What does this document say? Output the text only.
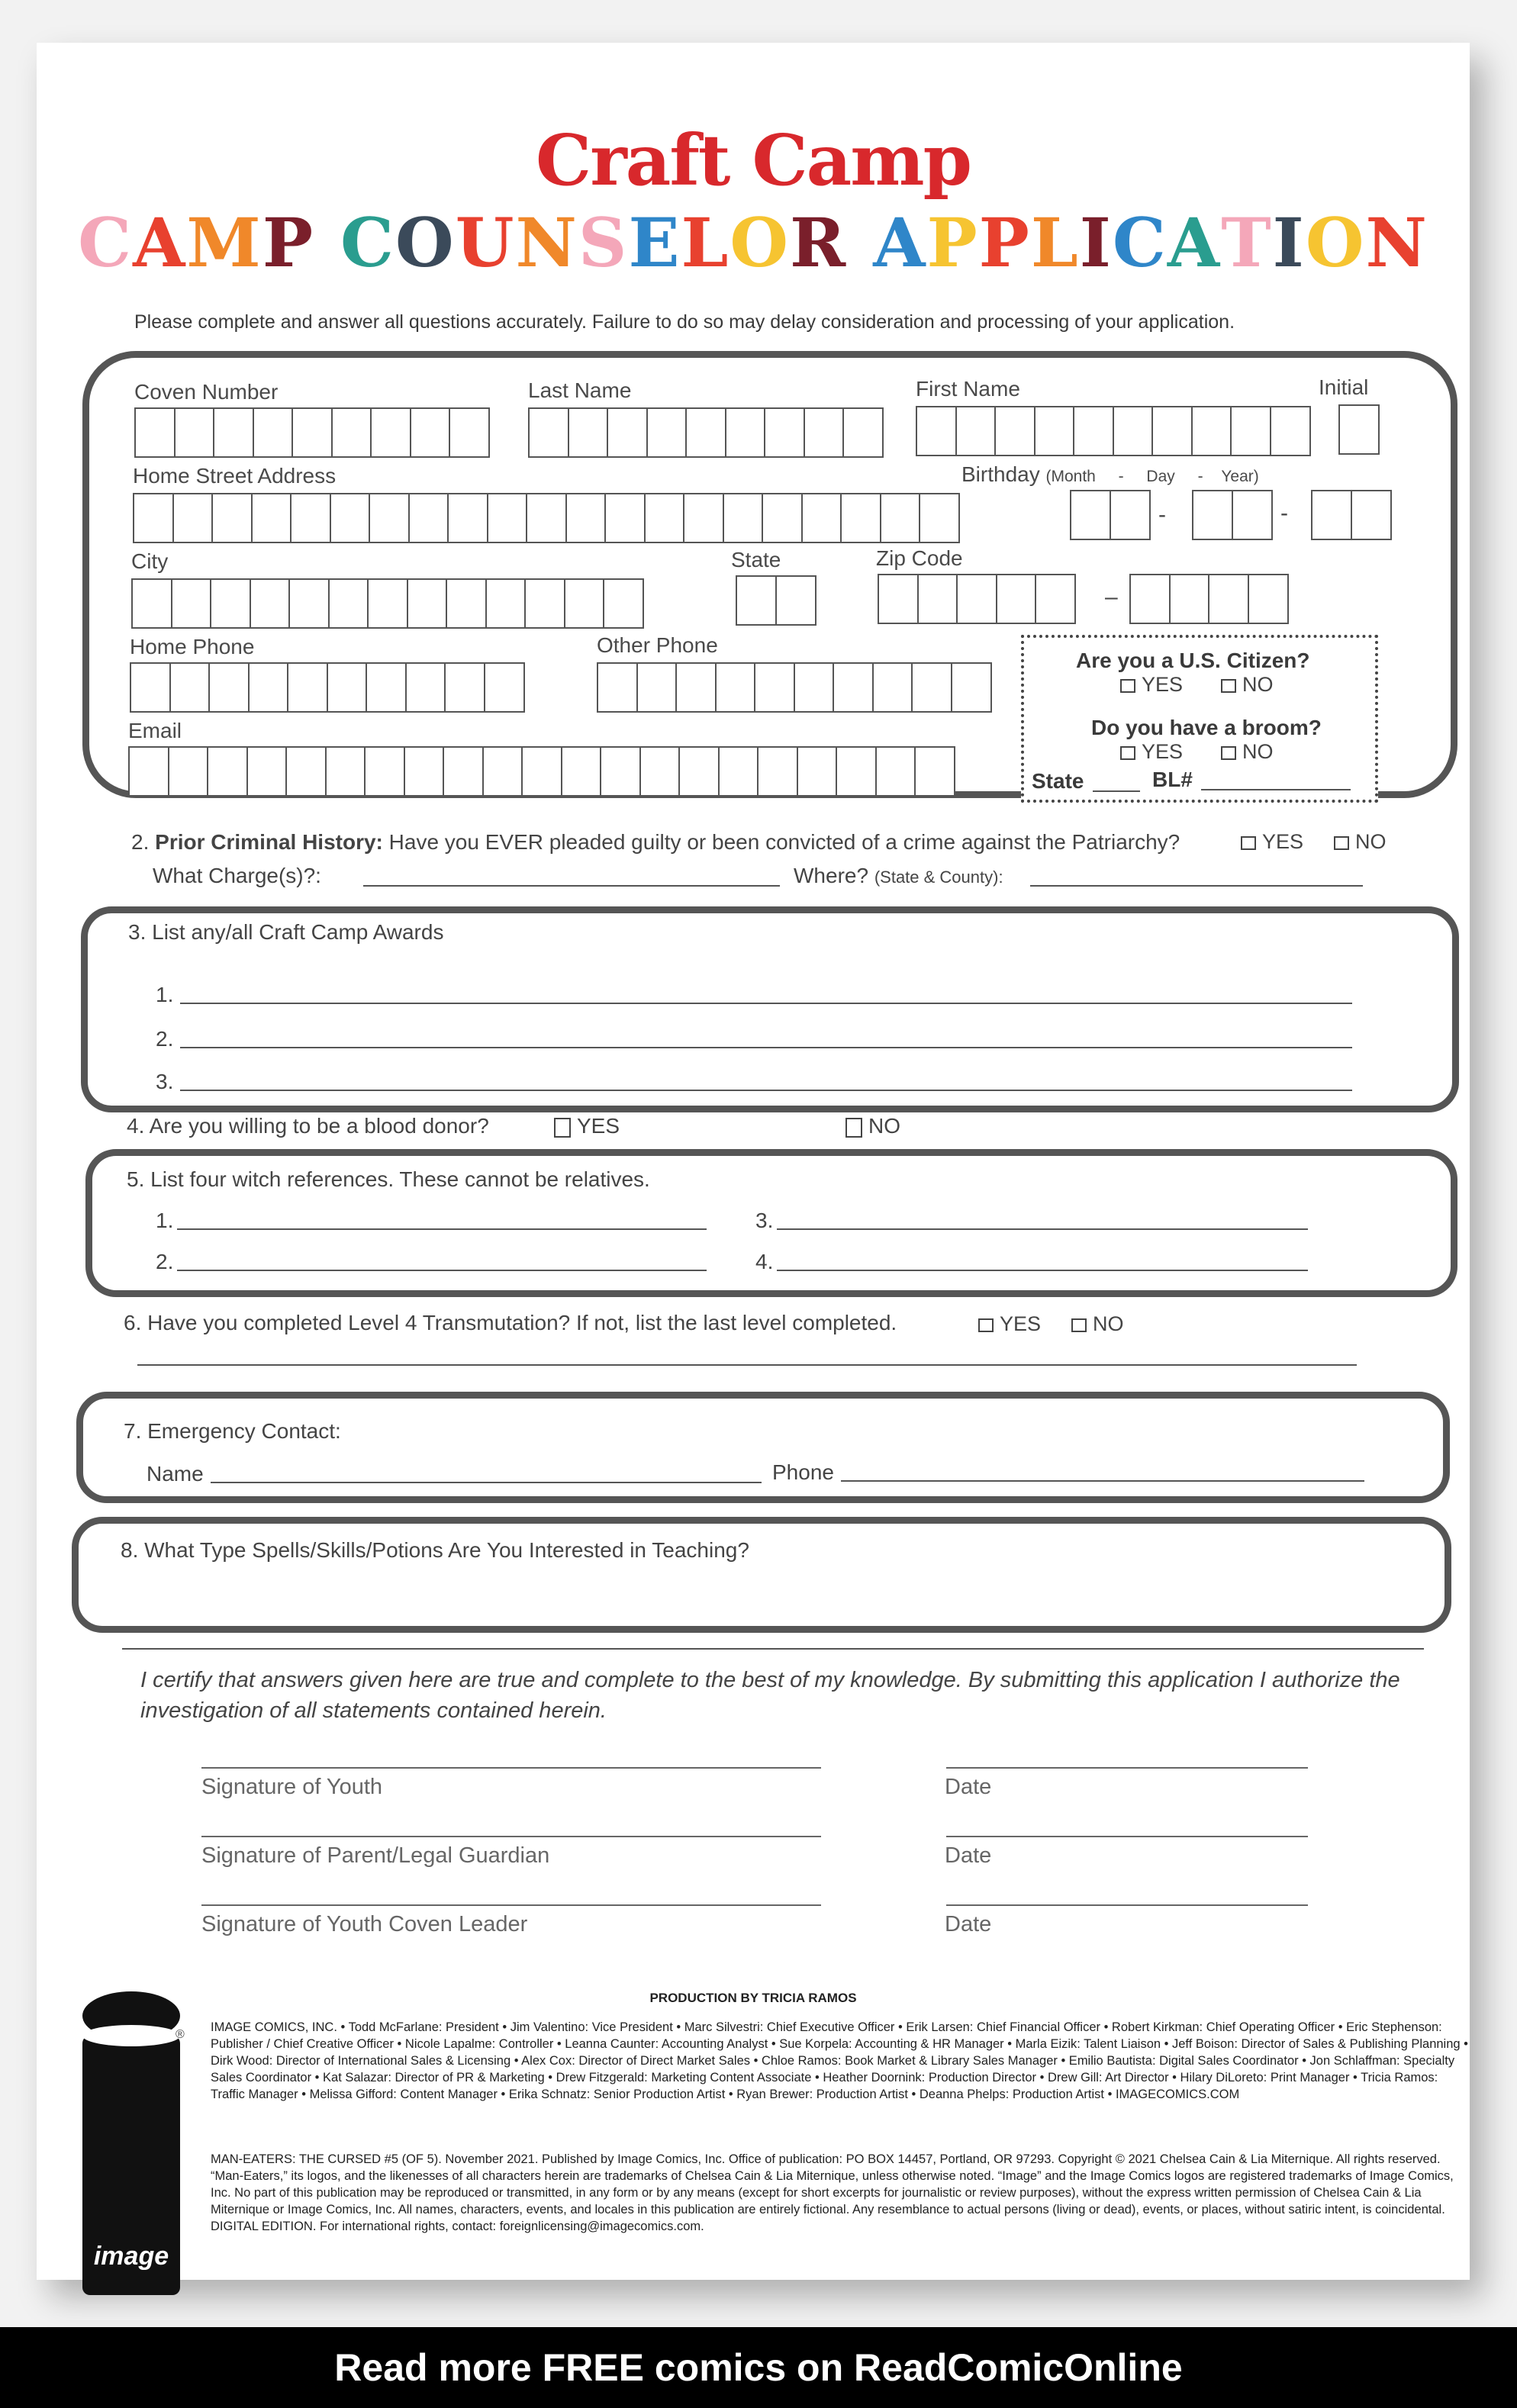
Craft Camp
CAMP COUNSELOR APPLICATION
Please complete and answer all questions accurately. Failure to do so may delay consideration and processing of your application.
Coven Number	Last Name	First Name	Initial
Home Street Address	Birthday (Month - Day - Year)
-	-
City	State	Zip Code
–
Home Phone	Other Phone
Email
Are you a U.S. Citizen?
YES	NO
Do you have a broom?
YES	NO
State	BL#
2. Prior Criminal History: Have you EVER pleaded guilty or been convicted of a crime against the Patriarchy?	YES	NO
What Charge(s)?:	Where? (State & County):
3. List any/all Craft Camp Awards
1.
2.
3.
4. Are you willing to be a blood donor?	YES	NO
5. List four witch references. These cannot be relatives.
1.
2.
3.
4.
6. Have you completed Level 4 Transmutation? If not, list the last level completed.	YES	NO
7. Emergency Contact:
Name	Phone
8. What Type Spells/Skills/Potions Are You Interested in Teaching?
I certify that answers given here are true and complete to the best of my knowledge. By submitting this application I authorize the investigation of all statements contained herein.
Signature of Youth	Date
Signature of Parent/Legal Guardian	Date
Signature of Youth Coven Leader	Date
image
®
PRODUCTION BY TRICIA RAMOS
IMAGE COMICS, INC. • Todd McFarlane: President • Jim Valentino: Vice President • Marc Silvestri: Chief Executive Officer • Erik Larsen: Chief Financial Officer • Robert Kirkman: Chief Operating Officer • Eric Stephenson: Publisher / Chief Creative Officer • Nicole Lapalme: Controller • Leanna Caunter: Accounting Analyst • Sue Korpela: Accounting & HR Manager • Marla Eizik: Talent Liaison • Jeff Boison: Director of Sales & Publishing Planning • Dirk Wood: Director of International Sales & Licensing • Alex Cox: Director of Direct Market Sales • Chloe Ramos: Book Market & Library Sales Manager • Emilio Bautista: Digital Sales Coordinator • Jon Schlaffman: Specialty Sales Coordinator • Kat Salazar: Director of PR & Marketing • Drew Fitzgerald: Marketing Content Associate • Heather Doornink: Production Director • Drew Gill: Art Director • Hilary DiLoreto: Print Manager • Tricia Ramos: Traffic Manager • Melissa Gifford: Content Manager • Erika Schnatz: Senior Production Artist • Ryan Brewer: Production Artist • Deanna Phelps: Production Artist • IMAGECOMICS.COM
MAN-EATERS: THE CURSED #5 (OF 5). November 2021. Published by Image Comics, Inc. Office of publication: PO BOX 14457, Portland, OR 97293. Copyright © 2021 Chelsea Cain & Lia Miternique. All rights reserved. “Man-Eaters,” its logos, and the likenesses of all characters herein are trademarks of Chelsea Cain & Lia Miternique, unless otherwise noted. “Image” and the Image Comics logos are registered trademarks of Image Comics, Inc. No part of this publication may be reproduced or transmitted, in any form or by any means (except for short excerpts for journalistic or review purposes), without the express written permission of Chelsea Cain & Lia Miternique or Image Comics, Inc. All names, characters, events, and locales in this publication are entirely fictional. Any resemblance to actual persons (living or dead), events, or places, without satiric intent, is coincidental. DIGITAL EDITION. For international rights, contact: foreignlicensing@imagecomics.com.
Read more FREE comics on ReadComicOnline
